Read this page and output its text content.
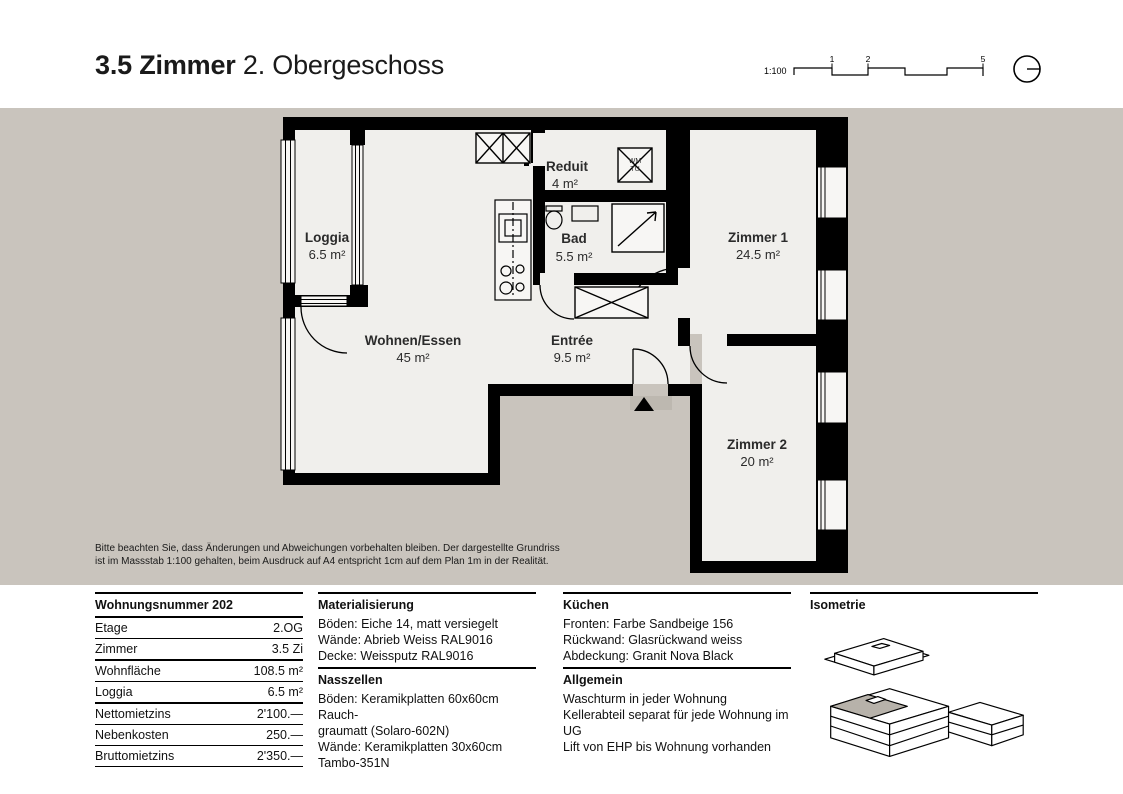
3.5 Zimmer 2. Obergeschoss	1:100
1	2	5
Loggia
6.5 m²
Wohnen/Essen
45 m²
Reduit
4 m²
Bad
5.5 m²
Entrée
9.5 m²
Zimmer 1
24.5 m²
Zimmer 2
20 m²
WM
TU
Bitte beachten Sie, dass Änderungen und Abweichungen vorbehalten bleiben. Der dargestellte Grundriss
ist im Massstab 1:100 gehalten, beim Ausdruck auf A4 entspricht 1cm auf dem Plan 1m in der Realität.
Wohnungsnummer 202
Etage	2.OG
Zimmer	3.5 Zi
Wohnfläche	108.5 m²
Loggia	6.5 m²
Nettomietzins	2'100.—
Nebenkosten	250.—
Bruttomietzins	2'350.—
Materialisierung
Böden: Eiche 14, matt versiegelt
Wände: Abrieb Weiss RAL9016
Decke: Weissputz RAL9016
Nasszellen
Böden: Keramikplatten 60x60cm Rauch-
graumatt (Solaro-602N)
Wände: Keramikplatten 30x60cm
Tambo-351N
Küchen
Fronten: Farbe Sandbeige 156
Rückwand: Glasrückwand weiss
Abdeckung: Granit Nova Black
Allgemein
Waschturm in jeder Wohnung
Kellerabteil separat für jede Wohnung im UG
Lift von EHP bis Wohnung vorhanden
Isometrie
